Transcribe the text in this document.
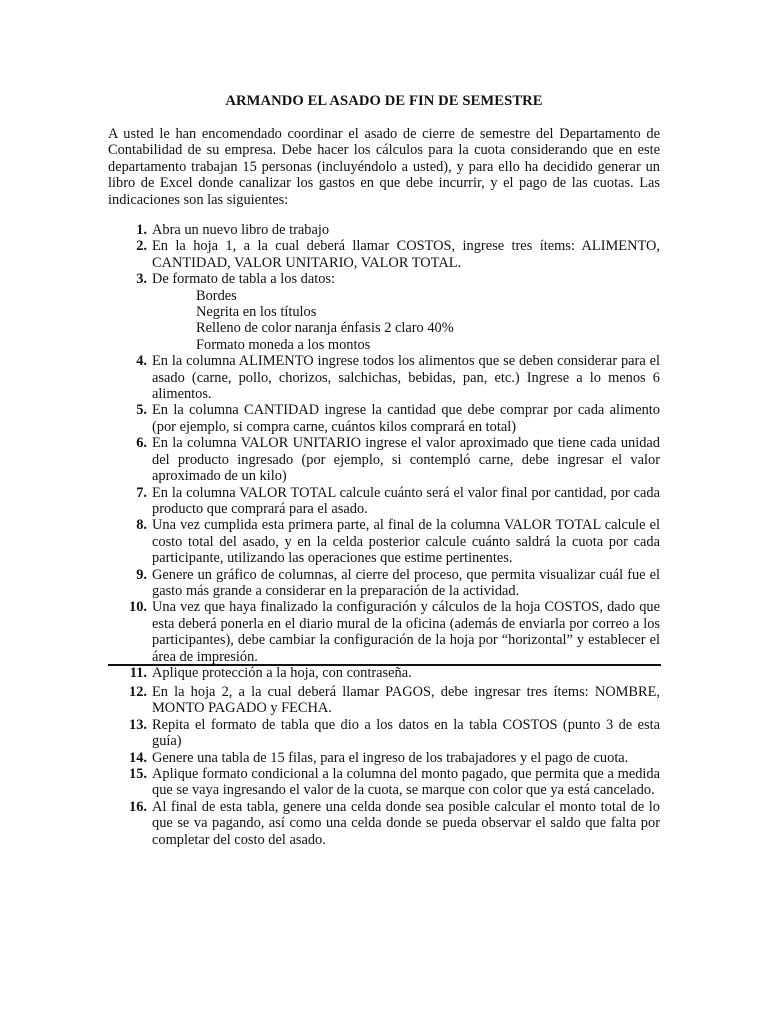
ARMANDO EL ASADO DE FIN DE SEMESTRE

A usted le han encomendado coordinar el asado de cierre de semestre del Departamento de Contabilidad de su empresa. Debe hacer los cálculos para la cuota considerando que en este departamento trabajan 15 personas (incluyéndolo a usted), y para ello ha decidido generar un libro de Excel donde canalizar los gastos en que debe incurrir, y el pago de las cuotas. Las indicaciones son las siguientes:

1. Abra un nuevo libro de trabajo
2. En la hoja 1, a la cual deberá llamar COSTOS, ingrese tres ítems: ALIMENTO, CANTIDAD, VALOR UNITARIO, VALOR TOTAL.
3. De formato de tabla a los datos:
Bordes
Negrita en los títulos
Relleno de color naranja énfasis 2 claro 40%
Formato moneda a los montos
4. En la columna ALIMENTO ingrese todos los alimentos que se deben considerar para el asado (carne, pollo, chorizos, salchichas, bebidas, pan, etc.) Ingrese a lo menos 6 alimentos.
5. En la columna CANTIDAD ingrese la cantidad que debe comprar por cada alimento (por ejemplo, si compra carne, cuántos kilos comprará en total)
6. En la columna VALOR UNITARIO ingrese el valor aproximado que tiene cada unidad del producto ingresado (por ejemplo, si contempló carne, debe ingresar el valor aproximado de un kilo)
7. En la columna VALOR TOTAL calcule cuánto será el valor final por cantidad, por cada producto que comprará para el asado.
8. Una vez cumplida esta primera parte, al final de la columna VALOR TOTAL calcule el costo total del asado, y en la celda posterior calcule cuánto saldrá la cuota por cada participante, utilizando las operaciones que estime pertinentes.
9. Genere un gráfico de columnas, al cierre del proceso, que permita visualizar cuál fue el gasto más grande a considerar en la preparación de la actividad.
10. Una vez que haya finalizado la configuración y cálculos de la hoja COSTOS, dado que esta deberá ponerla en el diario mural de la oficina (además de enviarla por correo a los participantes), debe cambiar la configuración de la hoja por “horizontal” y establecer el área de impresión.
11. Aplique protección a la hoja, con contraseña.
12. En la hoja 2, a la cual deberá llamar PAGOS, debe ingresar tres ítems: NOMBRE, MONTO PAGADO y FECHA.
13. Repita el formato de tabla que dio a los datos en la tabla COSTOS (punto 3 de esta guía)
14. Genere una tabla de 15 filas, para el ingreso de los trabajadores y el pago de cuota.
15. Aplique formato condicional a la columna del monto pagado, que permita que a medida que se vaya ingresando el valor de la cuota, se marque con color que ya está cancelado.
16. Al final de esta tabla, genere una celda donde sea posible calcular el monto total de lo que se va pagando, así como una celda donde se pueda observar el saldo que falta por completar del costo del asado.
